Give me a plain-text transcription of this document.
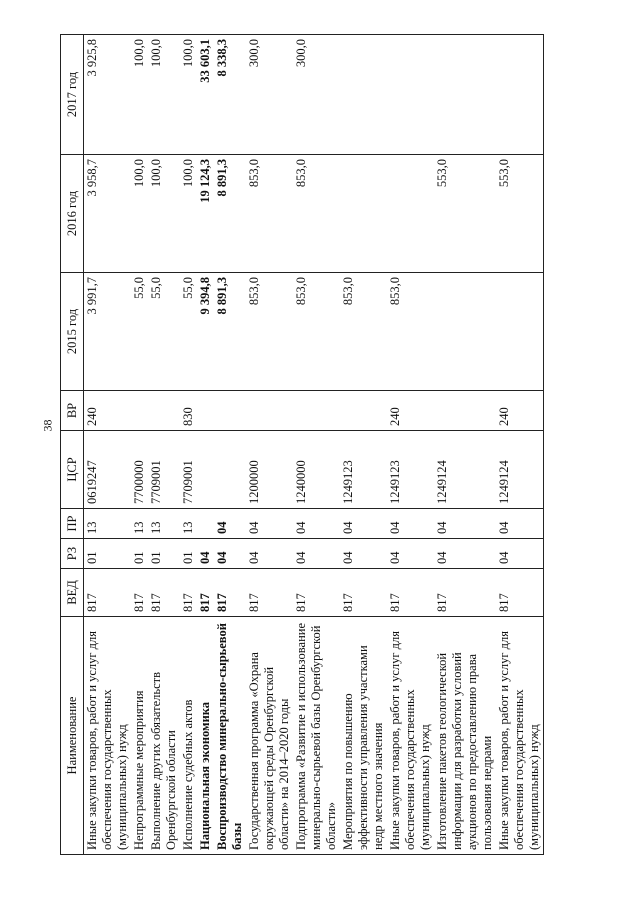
38
Наименование	ВЕД	РЗ	ПР	ЦСР	ВР	2015 год	2016 год	2017 год
Иные закупки товаров, работ и услуг для обеспечения государственных (муниципальных) нужд	817	01	13	0619247	240	3 991,7	3 958,7	3 925,8
Непрограммные мероприятия	817	01	13	7700000		55,0	100,0	100,0
Выполнение других обязательств Оренбургской области	817	01	13	7709001		55,0	100,0	100,0
Исполнение судебных актов	817	01	13	7709001	830	55,0	100,0	100,0
Национальная экономика	817	04				9 394,8	19 124,3	33 603,1
Воспроизводство минерально-сырьевой базы	817	04	04			8 891,3	8 891,3	8 338,3
Государственная программа «Охрана окружающей среды Оренбургской области» на 2014–2020 годы	817	04	04	1200000		853,0	853,0	300,0
Подпрограмма «Развитие и использование минерально-сырьевой базы Оренбургской области»	817	04	04	1240000		853,0	853,0	300,0
Мероприятия по повышению эффективности управления участками недр местного значения	817	04	04	1249123		853,0		
Иные закупки товаров, работ и услуг для обеспечения государственных (муниципальных) нужд	817	04	04	1249123	240	853,0		
Изготовление пакетов геологической информации для разработки условий аукционов по предоставлению права пользования недрами	817	04	04	1249124			553,0	
Иные закупки товаров, работ и услуг для обеспечения государственных (муниципальных) нужд	817	04	04	1249124	240		553,0	
